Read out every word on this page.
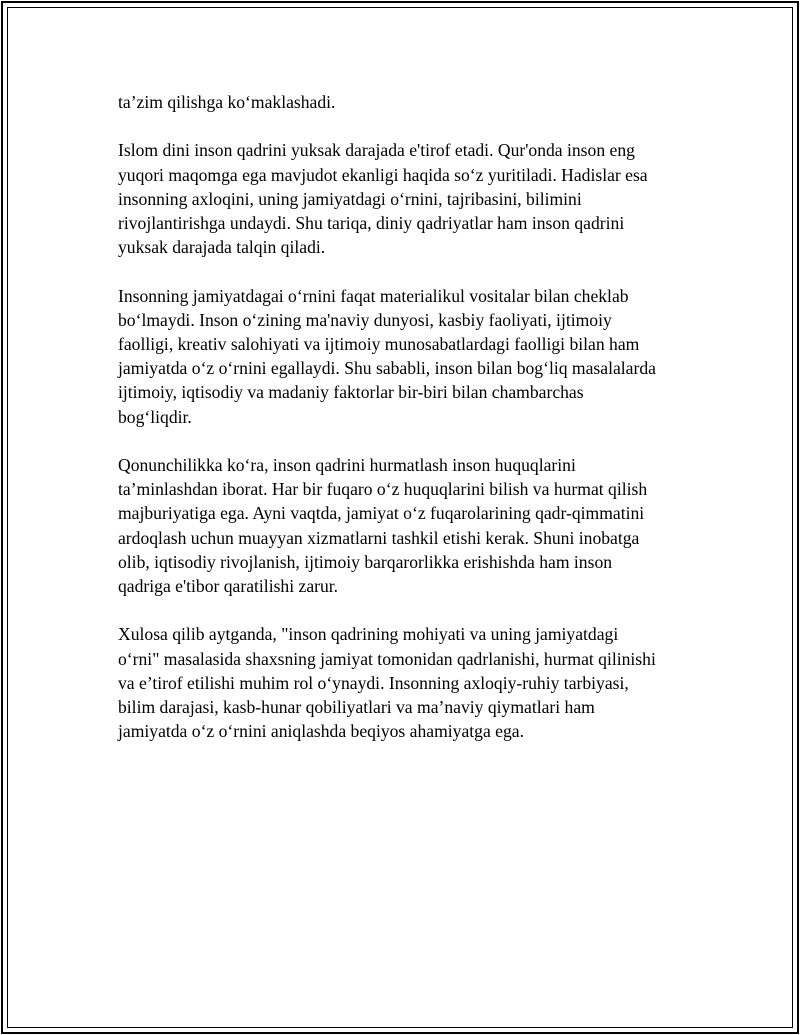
ta’zim qilishga ko‘maklashadi.

Islom dini inson qadrini yuksak darajada e'tirof etadi. Qur'onda inson eng
yuqori maqomga ega mavjudot ekanligi haqida so‘z yuritiladi. Hadislar esa
insonning axloqini, uning jamiyatdagi o‘rnini, tajribasini, bilimini
rivojlantirishga undaydi. Shu tariqa, diniy qadriyatlar ham inson qadrini
yuksak darajada talqin qiladi.

Insonning jamiyatdagai o‘rnini faqat materialikul vositalar bilan cheklab
bo‘lmaydi. Inson o‘zining ma'naviy dunyosi, kasbiy faoliyati, ijtimoiy
faolligi, kreativ salohiyati va ijtimoiy munosabatlardagi faolligi bilan ham
jamiyatda o‘z o‘rnini egallaydi. Shu sababli, inson bilan bog‘liq masalalarda
ijtimoiy, iqtisodiy va madaniy faktorlar bir-biri bilan chambarchas
bog‘liqdir.

Qonunchilikka ko‘ra, inson qadrini hurmatlash inson huquqlarini
ta’minlashdan iborat. Har bir fuqaro o‘z huquqlarini bilish va hurmat qilish
majburiyatiga ega. Ayni vaqtda, jamiyat o‘z fuqarolarining qadr-qimmatini
ardoqlash uchun muayyan xizmatlarni tashkil etishi kerak. Shuni inobatga
olib, iqtisodiy rivojlanish, ijtimoiy barqarorlikka erishishda ham inson
qadriga e'tibor qaratilishi zarur.

Xulosa qilib aytganda, "inson qadrining mohiyati va uning jamiyatdagi
o‘rni" masalasida shaxsning jamiyat tomonidan qadrlanishi, hurmat qilinishi
va e’tirof etilishi muhim rol o‘ynaydi. Insonning axloqiy-ruhiy tarbiyasi,
bilim darajasi, kasb-hunar qobiliyatlari va ma’naviy qiymatlari ham
jamiyatda o‘z o‘rnini aniqlashda beqiyos ahamiyatga ega.
